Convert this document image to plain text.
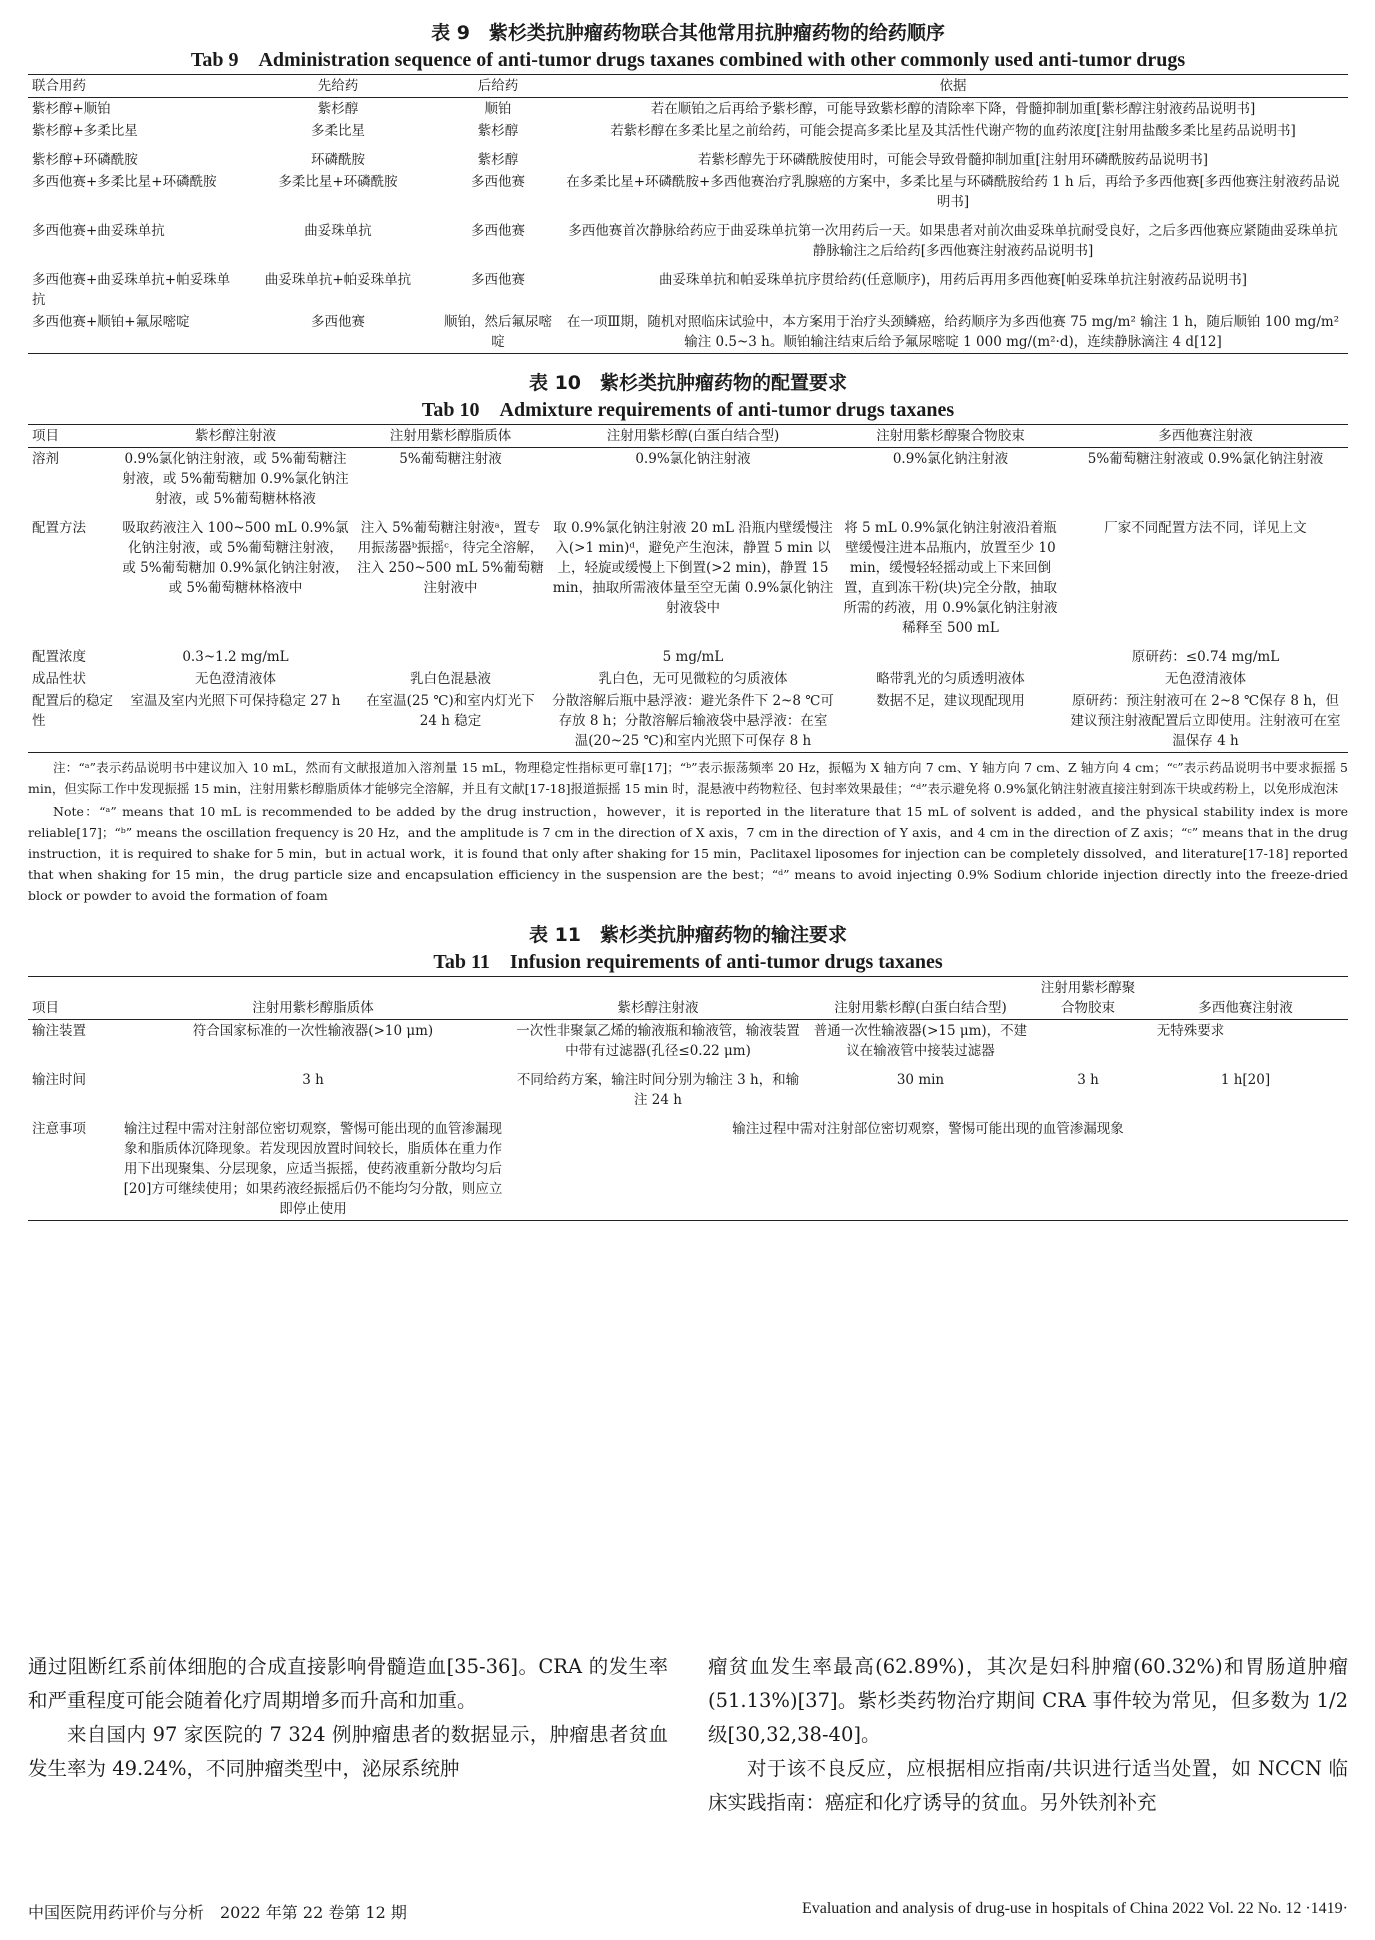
表 9　紫杉类抗肿瘤药物联合其他常用抗肿瘤药物的给药顺序
Tab 9　Administration sequence of anti-tumor drugs taxanes combined with other commonly used anti-tumor drugs
联合用药	先给药	后给药	依据
紫杉醇+顺铂	紫杉醇	顺铂	若在顺铂之后再给予紫杉醇，可能导致紫杉醇的清除率下降，骨髓抑制加重[紫杉醇注射液药品说明书]
紫杉醇+多柔比星	多柔比星	紫杉醇	若紫杉醇在多柔比星之前给药，可能会提高多柔比星及其活性代谢产物的血药浓度[注射用盐酸多柔比星药品说明书]
紫杉醇+环磷酰胺	环磷酰胺	紫杉醇	若紫杉醇先于环磷酰胺使用时，可能会导致骨髓抑制加重[注射用环磷酰胺药品说明书]
多西他赛+多柔比星+环磷酰胺	多柔比星+环磷酰胺	多西他赛	在多柔比星+环磷酰胺+多西他赛治疗乳腺癌的方案中，多柔比星与环磷酰胺给药 1 h 后，再给予多西他赛[多西他赛注射液药品说明书]
多西他赛+曲妥珠单抗	曲妥珠单抗	多西他赛	多西他赛首次静脉给药应于曲妥珠单抗第一次用药后一天。如果患者对前次曲妥珠单抗耐受良好，之后多西他赛应紧随曲妥珠单抗静脉输注之后给药[多西他赛注射液药品说明书]
多西他赛+曲妥珠单抗+帕妥珠单抗	曲妥珠单抗+帕妥珠单抗	多西他赛	曲妥珠单抗和帕妥珠单抗序贯给药(任意顺序)，用药后再用多西他赛[帕妥珠单抗注射液药品说明书]
多西他赛+顺铂+氟尿嘧啶	多西他赛	顺铂，然后氟尿嘧啶	在一项Ⅲ期，随机对照临床试验中，本方案用于治疗头颈鳞癌，给药顺序为多西他赛 75 mg/m² 输注 1 h，随后顺铂 100 mg/m² 输注 0.5~3 h。顺铂输注结束后给予氟尿嘧啶 1 000 mg/(m²·d)，连续静脉滴注 4 d[12]
表 10　紫杉类抗肿瘤药物的配置要求
Tab 10　Admixture requirements of anti-tumor drugs taxanes
项目	紫杉醇注射液	注射用紫杉醇脂质体	注射用紫杉醇(白蛋白结合型)	注射用紫杉醇聚合物胶束	多西他赛注射液
溶剂	0.9%氯化钠注射液，或 5%葡萄糖注射液，或 5%葡萄糖加 0.9%氯化钠注射液，或 5%葡萄糖林格液	5%葡萄糖注射液	0.9%氯化钠注射液	0.9%氯化钠注射液	5%葡萄糖注射液或 0.9%氯化钠注射液
配置方法	吸取药液注入 100~500 mL 0.9%氯化钠注射液，或 5%葡萄糖注射液，或 5%葡萄糖加 0.9%氯化钠注射液，或 5%葡萄糖林格液中	注入 5%葡萄糖注射液ᵃ，置专用振荡器ᵇ振摇ᶜ，待完全溶解，注入 250~500 mL 5%葡萄糖注射液中	取 0.9%氯化钠注射液 20 mL 沿瓶内壁缓慢注入(>1 min)ᵈ，避免产生泡沫，静置 5 min 以上，轻旋或缓慢上下倒置(>2 min)，静置 15 min，抽取所需液体量至空无菌 0.9%氯化钠注射液袋中	将 5 mL 0.9%氯化钠注射液沿着瓶壁缓慢注进本品瓶内，放置至少 10 min，缓慢轻轻摇动或上下来回倒置，直到冻干粉(块)完全分散，抽取所需的药液，用 0.9%氯化钠注射液稀释至 500 mL	厂家不同配置方法不同，详见上文
配置浓度	0.3~1.2 mg/mL		5 mg/mL		原研药：≤0.74 mg/mL
成品性状	无色澄清液体	乳白色混悬液	乳白色，无可见微粒的匀质液体	略带乳光的匀质透明液体	无色澄清液体
配置后的稳定性	室温及室内光照下可保持稳定 27 h	在室温(25 ℃)和室内灯光下 24 h 稳定	分散溶解后瓶中悬浮液：避光条件下 2~8 ℃可存放 8 h；分散溶解后输液袋中悬浮液：在室温(20~25 ℃)和室内光照下可保存 8 h	数据不足，建议现配现用	原研药：预注射液可在 2~8 ℃保存 8 h，但建议预注射液配置后立即使用。注射液可在室温保存 4 h

注：“ᵃ”表示药品说明书中建议加入 10 mL，然而有文献报道加入溶剂量 15 mL，物理稳定性指标更可靠[17]；“ᵇ”表示振荡频率 20 Hz，振幅为 X 轴方向 7 cm、Y 轴方向 7 cm、Z 轴方向 4 cm；“ᶜ”表示药品说明书中要求振摇 5 min，但实际工作中发现振摇 15 min，注射用紫杉醇脂质体才能够完全溶解，并且有文献[17-18]报道振摇 15 min 时，混悬液中药物粒径、包封率效果最佳；“ᵈ”表示避免将 0.9%氯化钠注射液直接注射到冻干块或药粉上，以免形成泡沫

Note：“ᵃ” means that 10 mL is recommended to be added by the drug instruction，however，it is reported in the literature that 15 mL of solvent is added，and the physical stability index is more reliable[17]；“ᵇ” means the oscillation frequency is 20 Hz，and the amplitude is 7 cm in the direction of X axis，7 cm in the direction of Y axis，and 4 cm in the direction of Z axis；“ᶜ” means that in the drug instruction，it is required to shake for 5 min，but in actual work，it is found that only after shaking for 15 min，Paclitaxel liposomes for injection can be completely dissolved，and literature[17-18] reported that when shaking for 15 min，the drug particle size and encapsulation efficiency in the suspension are the best；“ᵈ” means to avoid injecting 0.9% Sodium chloride injection directly into the freeze-dried block or powder to avoid the formation of foam

表 11　紫杉类抗肿瘤药物的输注要求
Tab 11　Infusion requirements of anti-tumor drugs taxanes
项目	注射用紫杉醇脂质体	紫杉醇注射液	注射用紫杉醇(白蛋白结合型)	注射用紫杉醇聚合物胶束	多西他赛注射液
输注装置	符合国家标准的一次性输液器(>10 μm)	一次性非聚氯乙烯的输液瓶和输液管，输液装置中带有过滤器(孔径≤0.22 μm)	普通一次性输液器(>15 μm)，不建议在输液管中接装过滤器	无特殊要求	
输注时间	3 h	不同给药方案，输注时间分别为输注 3 h，和输注 24 h	30 min	3 h	1 h[20]
注意事项	输注过程中需对注射部位密切观察，警惕可能出现的血管渗漏现象和脂质体沉降现象。若发现因放置时间较长，脂质体在重力作用下出现聚集、分层现象，应适当振摇，使药液重新分散均匀后[20]方可继续使用；如果药液经振摇后仍不能均匀分散，则应立即停止使用	输注过程中需对注射部位密切观察，警惕可能出现的血管渗漏现象			

通过阻断红系前体细胞的合成直接影响骨髓造血[35-36]。CRA 的发生率和严重程度可能会随着化疗周期增多而升高和加重。

来自国内 97 家医院的 7 324 例肿瘤患者的数据显示，肿瘤患者贫血发生率为 49.24%，不同肿瘤类型中，泌尿系统肿

瘤贫血发生率最高(62.89%)，其次是妇科肿瘤(60.32%)和胃肠道肿瘤(51.13%)[37]。紫杉类药物治疗期间 CRA 事件较为常见，但多数为 1/2 级[30,32,38-40]。

对于该不良反应，应根据相应指南/共识进行适当处置，如 NCCN 临床实践指南：癌症和化疗诱导的贫血。另外铁剂补充

中国医院用药评价与分析　2022 年第 22 卷第 12 期	Evaluation and analysis of drug-use in hospitals of China 2022 Vol. 22 No. 12 ·1419·
